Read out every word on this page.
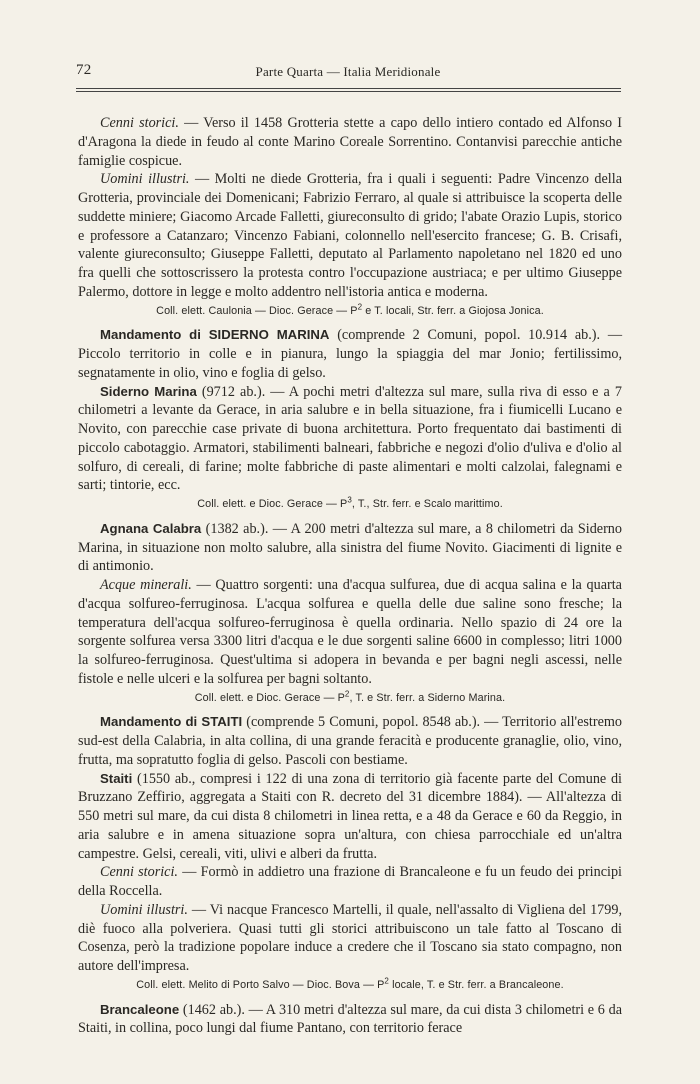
72	Parte Quarta — Italia Meridionale

Cenni storici. — Verso il 1458 Grotteria stette a capo dello intiero contado ed Alfonso I d'Aragona la diede in feudo al conte Marino Coreale Sorrentino. Contanvisi parecchie antiche famiglie cospicue.

Uomini illustri. — Molti ne diede Grotteria, fra i quali i seguenti: Padre Vincenzo della Grotteria, provinciale dei Domenicani; Fabrizio Ferraro, al quale si attribuisce la scoperta delle suddette miniere; Giacomo Arcade Falletti, giureconsulto di grido; l'abate Orazio Lupis, storico e professore a Catanzaro; Vincenzo Fabiani, colonnello nell'esercito francese; G. B. Crisafi, valente giureconsulto; Giuseppe Falletti, deputato al Parlamento napoletano nel 1820 ed uno fra quelli che sottoscrissero la protesta contro l'occupazione austriaca; e per ultimo Giuseppe Palermo, dottore in legge e molto addentro nell'istoria antica e moderna.

Coll. elett. Caulonia — Dioc. Gerace — $P^2$ e T. locali, Str. ferr. a Giojosa Jonica.

Mandamento di SIDERNO MARINA (comprende 2 Comuni, popol. 10.914 ab.). — Piccolo territorio in colle e in pianura, lungo la spiaggia del mar Jonio; fertilissimo, segnatamente in olio, vino e foglia di gelso.

Siderno Marina (9712 ab.). — A pochi metri d'altezza sul mare, sulla riva di esso e a 7 chilometri a levante da Gerace, in aria salubre e in bella situazione, fra i fiumicelli Lucano e Novito, con parecchie case private di buona architettura. Porto frequentato dai bastimenti di piccolo cabotaggio. Armatori, stabilimenti balneari, fabbriche e negozi d'olio d'uliva e d'olio al solfuro, di cereali, di farine; molte fabbriche di paste alimentari e molti calzolai, falegnami e sarti; tintorie, ecc.

Coll. elett. e Dioc. Gerace — $P^3$, T., Str. ferr. e Scalo marittimo.

Agnana Calabra (1382 ab.). — A 200 metri d'altezza sul mare, a 8 chilometri da Siderno Marina, in situazione non molto salubre, alla sinistra del fiume Novito. Giacimenti di lignite e di antimonio.

Acque minerali. — Quattro sorgenti: una d'acqua sulfurea, due di acqua salina e la quarta d'acqua solfureo-ferruginosa. L'acqua solfurea e quella delle due saline sono fresche; la temperatura dell'acqua solfureo-ferruginosa è quella ordinaria. Nello spazio di 24 ore la sorgente solfurea versa 3300 litri d'acqua e le due sorgenti saline 6600 in complesso; litri 1000 la solfureo-ferruginosa. Quest'ultima si adopera in bevanda e per bagni negli ascessi, nelle fistole e nelle ulceri e la solfurea per bagni soltanto.

Coll. elett. e Dioc. Gerace — $P^2$, T. e Str. ferr. a Siderno Marina.

Mandamento di STAITI (comprende 5 Comuni, popol. 8548 ab.). — Territorio all'estremo sud-est della Calabria, in alta collina, di una grande feracità e producente granaglie, olio, vino, frutta, ma sopratutto foglia di gelso. Pascoli con bestiame.

Staiti (1550 ab., compresi i 122 di una zona di territorio già facente parte del Comune di Bruzzano Zeffirio, aggregata a Staiti con R. decreto del 31 dicembre 1884). — All'altezza di 550 metri sul mare, da cui dista 8 chilometri in linea retta, e a 48 da Gerace e 60 da Reggio, in aria salubre e in amena situazione sopra un'altura, con chiesa parrocchiale ed un'altra campestre. Gelsi, cereali, viti, ulivi e alberi da frutta.

Cenni storici. — Formò in addietro una frazione di Brancaleone e fu un feudo dei principi della Roccella.

Uomini illustri. — Vi nacque Francesco Martelli, il quale, nell'assalto di Vigliena del 1799, diè fuoco alla polveriera. Quasi tutti gli storici attribuiscono un tale fatto al Toscano di Cosenza, però la tradizione popolare induce a credere che il Toscano sia stato compagno, non autore dell'impresa.

Coll. elett. Melito di Porto Salvo — Dioc. Bova — $P^2$ locale, T. e Str. ferr. a Brancaleone.

Brancaleone (1462 ab.). — A 310 metri d'altezza sul mare, da cui dista 3 chilometri e 6 da Staiti, in collina, poco lungi dal fiume Pantano, con territorio ferace
